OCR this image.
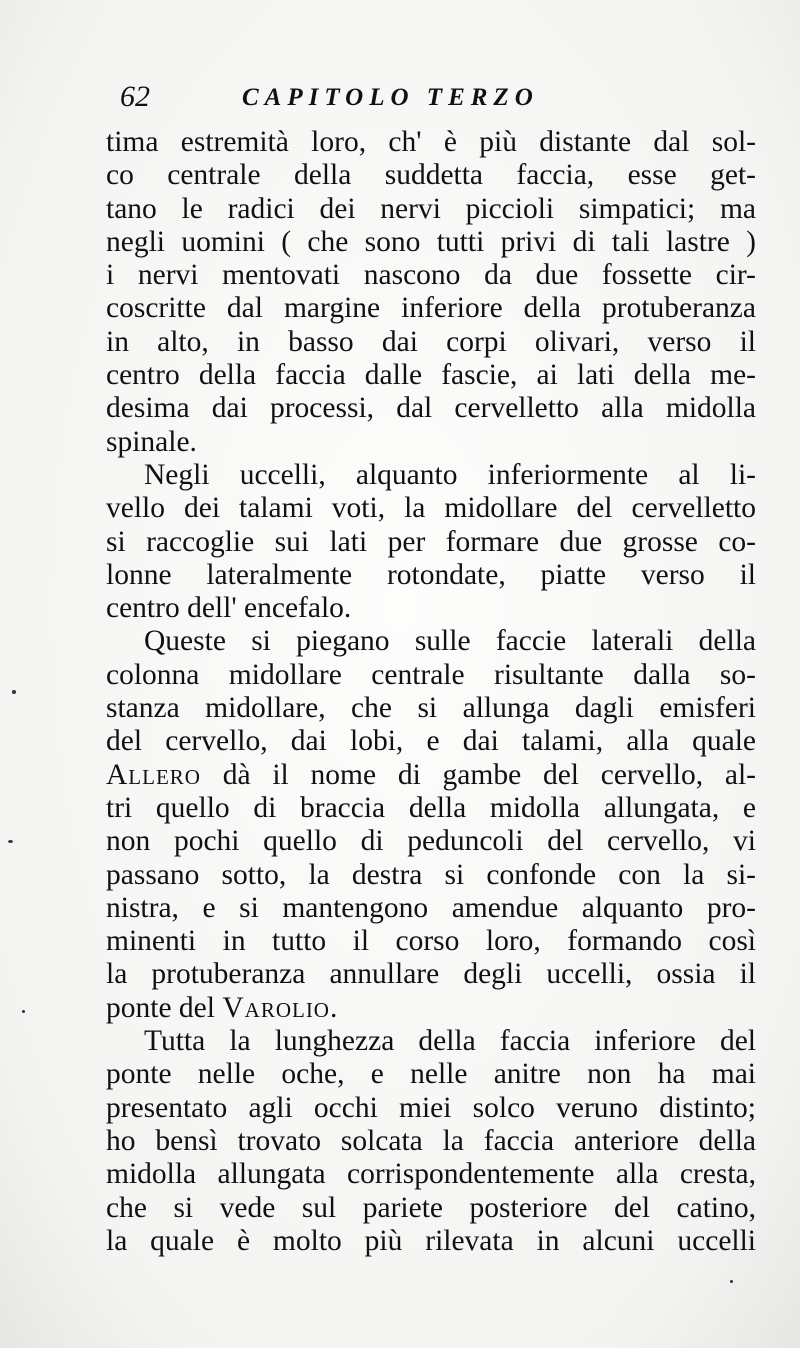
62	CAPITOLO TERZO
tima estremità loro, ch' è più distante dal sol-
co centrale della suddetta faccia, esse get-
tano le radici dei nervi piccioli simpatici; ma
negli uomini ( che sono tutti privi di tali lastre )
i nervi mentovati nascono da due fossette cir-
coscritte dal margine inferiore della protuberanza
in alto, in basso dai corpi olivari, verso il
centro della faccia dalle fascie, ai lati della me-
desima dai processi, dal cervelletto alla midolla
spinale.
Negli uccelli, alquanto inferiormente al li-
vello dei talami voti, la midollare del cervelletto
si raccoglie sui lati per formare due grosse co-
lonne lateralmente rotondate, piatte verso il
centro dell' encefalo.
Queste si piegano sulle faccie laterali della
colonna midollare centrale risultante dalla so-
stanza midollare, che si allunga dagli emisferi
del cervello, dai lobi, e dai talami, alla quale
Allero dà il nome di gambe del cervello, al-
tri quello di braccia della midolla allungata, e
non pochi quello di peduncoli del cervello, vi
passano sotto, la destra si confonde con la si-
nistra, e si mantengono amendue alquanto pro-
minenti in tutto il corso loro, formando così
la protuberanza annullare degli uccelli, ossia il
ponte del Varolio.
Tutta la lunghezza della faccia inferiore del
ponte nelle oche, e nelle anitre non ha mai
presentato agli occhi miei solco veruno distinto;
ho bensì trovato solcata la faccia anteriore della
midolla allungata corrispondentemente alla cresta,
che si vede sul pariete posteriore del catino,
la quale è molto più rilevata in alcuni uccelli
